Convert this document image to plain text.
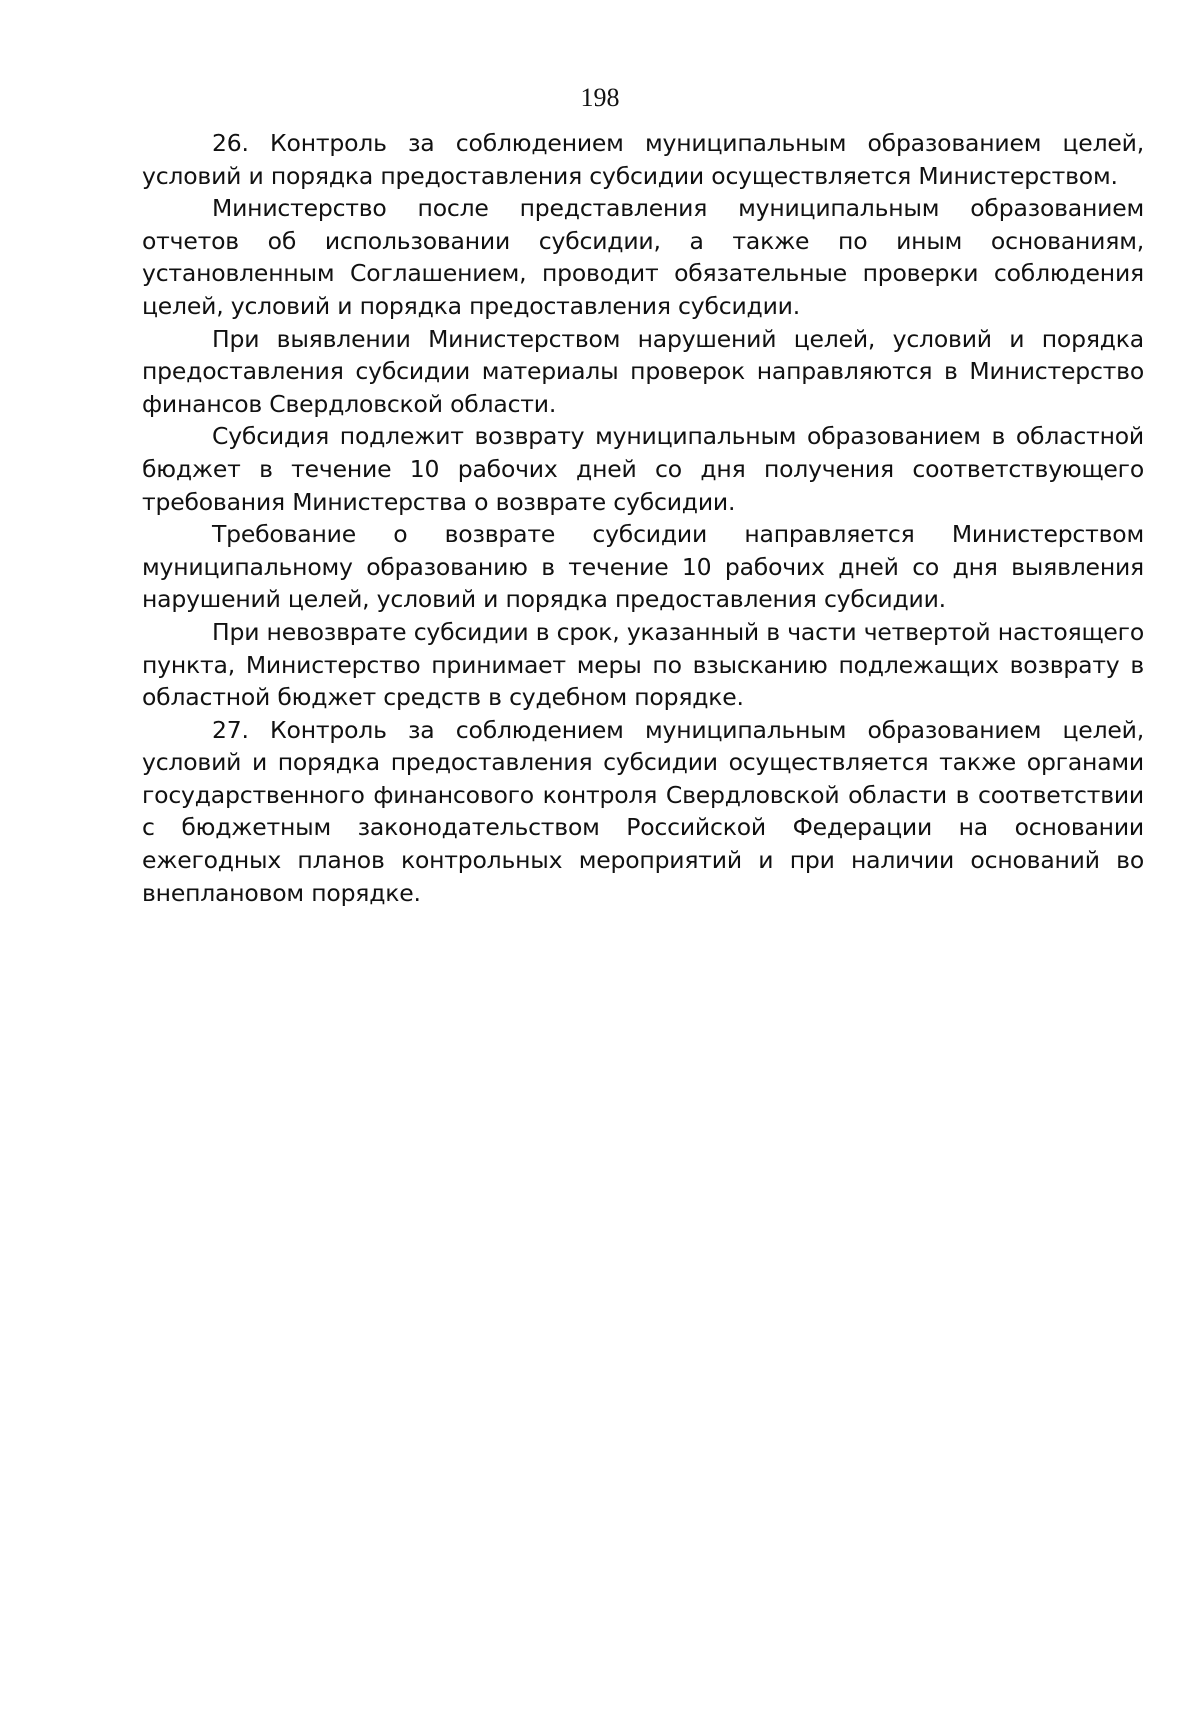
198

26. Контроль за соблюдением муниципальным образованием целей, условий и порядка предоставления субсидии осуществляется Министерством.

Министерство после представления муниципальным образованием отчетов об использовании субсидии, а также по иным основаниям, установленным Соглашением, проводит обязательные проверки соблюдения целей, условий и порядка предоставления субсидии.

При выявлении Министерством нарушений целей, условий и порядка предоставления субсидии материалы проверок направляются в Министерство финансов Свердловской области.

Субсидия подлежит возврату муниципальным образованием в областной бюджет в течение 10 рабочих дней со дня получения соответствующего требования Министерства о возврате субсидии.

Требование о возврате субсидии направляется Министерством муниципальному образованию в течение 10 рабочих дней со дня выявления нарушений целей, условий и порядка предоставления субсидии.

При невозврате субсидии в срок, указанный в части четвертой настоящего пункта, Министерство принимает меры по взысканию подлежащих возврату в областной бюджет средств в судебном порядке.

27. Контроль за соблюдением муниципальным образованием целей, условий и порядка предоставления субсидии осуществляется также органами государственного финансового контроля Свердловской области в соответствии с бюджетным законодательством Российской Федерации на основании ежегодных планов контрольных мероприятий и при наличии оснований во внеплановом порядке.
